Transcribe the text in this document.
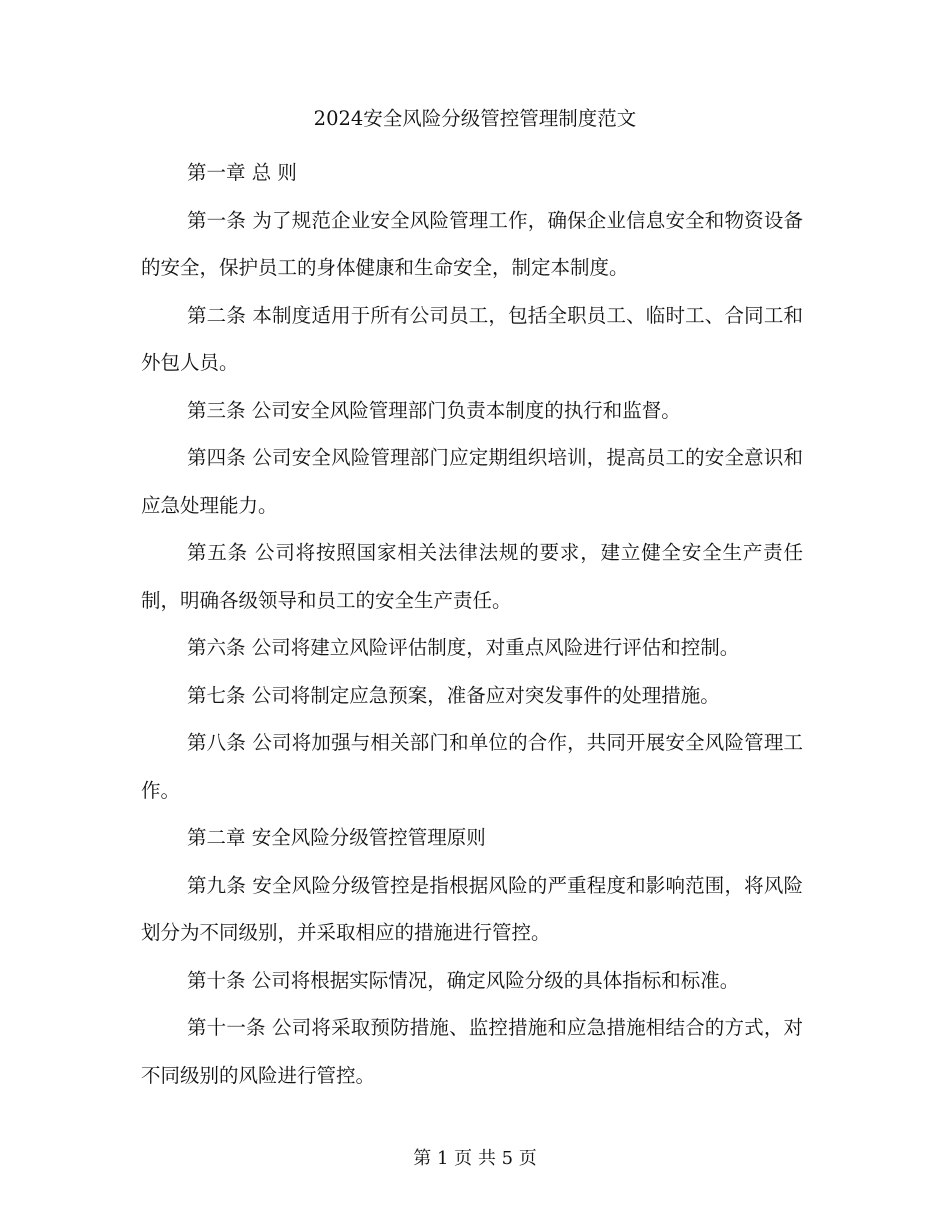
2024安全风险分级管控管理制度范文

第一章 总 则

第一条 为了规范企业安全风险管理工作，确保企业信息安全和物资设备的安全，保护员工的身体健康和生命安全，制定本制度。

第二条 本制度适用于所有公司员工，包括全职员工、临时工、合同工和外包人员。

第三条 公司安全风险管理部门负责本制度的执行和监督。

第四条 公司安全风险管理部门应定期组织培训，提高员工的安全意识和应急处理能力。

第五条 公司将按照国家相关法律法规的要求，建立健全安全生产责任制，明确各级领导和员工的安全生产责任。

第六条 公司将建立风险评估制度，对重点风险进行评估和控制。

第七条 公司将制定应急预案，准备应对突发事件的处理措施。

第八条 公司将加强与相关部门和单位的合作，共同开展安全风险管理工作。

第二章 安全风险分级管控管理原则

第九条 安全风险分级管控是指根据风险的严重程度和影响范围，将风险划分为不同级别，并采取相应的措施进行管控。

第十条 公司将根据实际情况，确定风险分级的具体指标和标准。

第十一条 公司将采取预防措施、监控措施和应急措施相结合的方式，对不同级别的风险进行管控。

第 1 页 共 5 页
